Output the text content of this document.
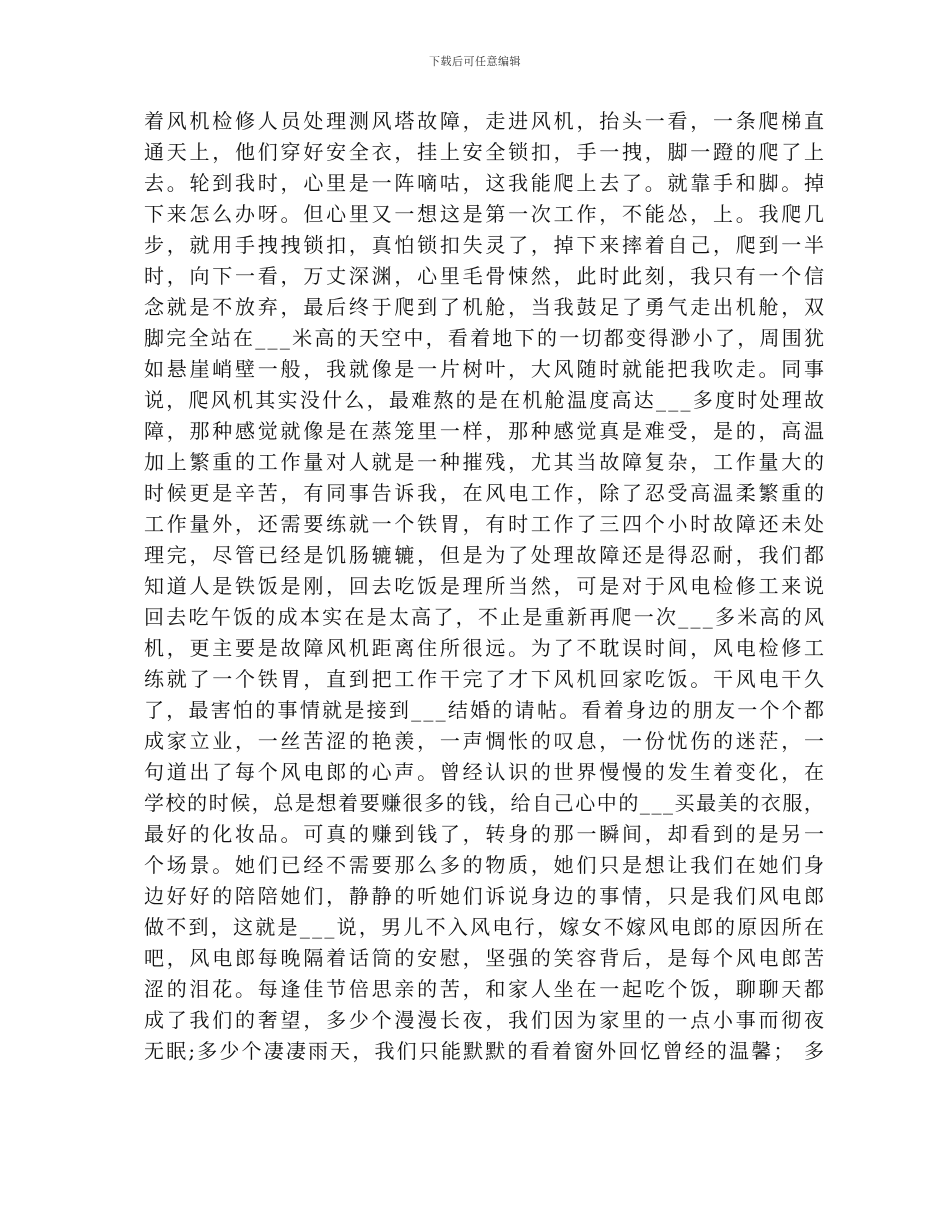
下载后可任意编辑
着风机检修人员处理测风塔故障，走进风机，抬头一看，一条爬梯直
通天上，他们穿好安全衣，挂上安全锁扣，手一拽，脚一蹬的爬了上
去。轮到我时，心里是一阵嘀咕，这我能爬上去了。就靠手和脚。掉
下来怎么办呀。但心里又一想这是第一次工作，不能怂，上。我爬几
步，就用手拽拽锁扣，真怕锁扣失灵了，掉下来摔着自己，爬到一半
时，向下一看，万丈深渊，心里毛骨悚然，此时此刻，我只有一个信
念就是不放弃，最后终于爬到了机舱，当我鼓足了勇气走出机舱，双
脚完全站在___米高的天空中，看着地下的一切都变得渺小了，周围犹
如悬崖峭壁一般，我就像是一片树叶，大风随时就能把我吹走。同事
说，爬风机其实没什么，最难熬的是在机舱温度高达___多度时处理故
障，那种感觉就像是在蒸笼里一样，那种感觉真是难受，是的，高温
加上繁重的工作量对人就是一种摧残，尤其当故障复杂，工作量大的
时候更是辛苦，有同事告诉我，在风电工作，除了忍受高温柔繁重的
工作量外，还需要练就一个铁胃，有时工作了三四个小时故障还未处
理完，尽管已经是饥肠辘辘，但是为了处理故障还是得忍耐，我们都
知道人是铁饭是刚，回去吃饭是理所当然，可是对于风电检修工来说
回去吃午饭的成本实在是太高了，不止是重新再爬一次___多米高的风
机，更主要是故障风机距离住所很远。为了不耽误时间，风电检修工
练就了一个铁胃，直到把工作干完了才下风机回家吃饭。干风电干久
了，最害怕的事情就是接到___结婚的请帖。看着身边的朋友一个个都
成家立业，一丝苦涩的艳羡，一声惆怅的叹息，一份忧伤的迷茫，一
句道出了每个风电郎的心声。曾经认识的世界慢慢的发生着变化，在
学校的时候，总是想着要赚很多的钱，给自己心中的___买最美的衣服，
最好的化妆品。可真的赚到钱了，转身的那一瞬间，却看到的是另一
个场景。她们已经不需要那么多的物质，她们只是想让我们在她们身
边好好的陪陪她们，静静的听她们诉说身边的事情，只是我们风电郎
做不到，这就是___说，男儿不入风电行，嫁女不嫁风电郎的原因所在
吧，风电郎每晚隔着话筒的安慰，坚强的笑容背后，是每个风电郎苦
涩的泪花。每逢佳节倍思亲的苦，和家人坐在一起吃个饭，聊聊天都
成了我们的奢望，多少个漫漫长夜，我们因为家里的一点小事而彻夜
无眠;多少个凄凄雨天，我们只能默默的看着窗外回忆曾经的温馨； 多
